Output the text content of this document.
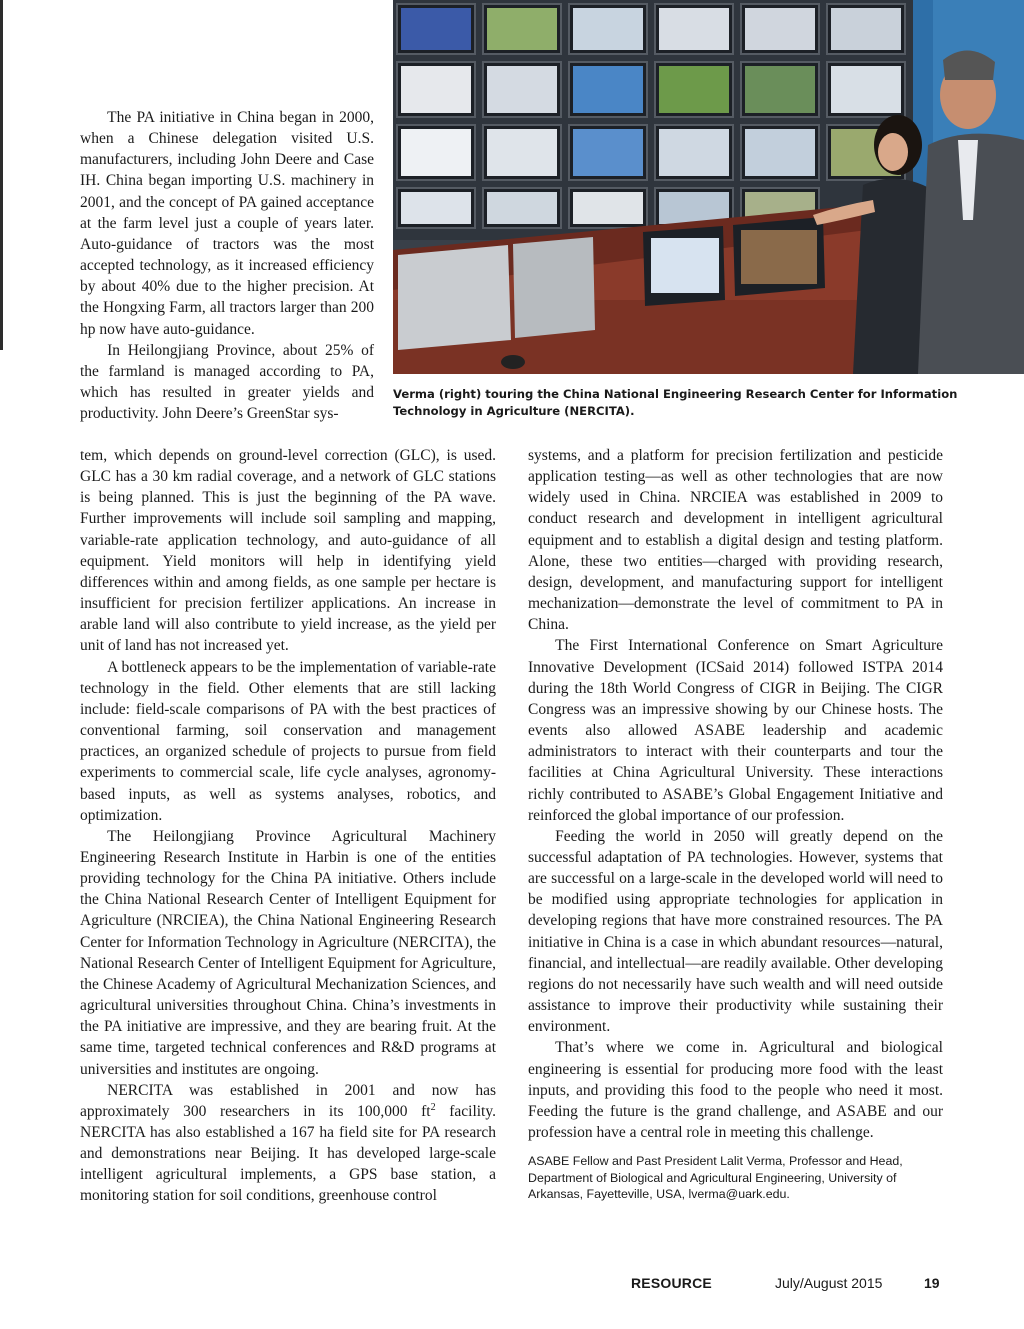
Verma (right) touring the China National Engineering Research Center for Information Technology in Agriculture (NERCITA).

The PA initiative in China began in 2000, when a Chinese delegation visited U.S. manufacturers, including John Deere and Case IH. China began importing U.S. machinery in 2001, and the concept of PA gained acceptance at the farm level just a couple of years later. Auto-guidance of tractors was the most accepted technology, as it increased efficiency by about 40% due to the higher precision. At the Hongxing Farm, all tractors larger than 200 hp now have auto-guidance.

In Heilongjiang Province, about 25% of the farmland is managed according to PA, which has resulted in greater yields and productivity. John Deere’s GreenStar sys-

tem, which depends on ground-level correction (GLC), is used. GLC has a 30 km radial coverage, and a network of GLC stations is being planned. This is just the beginning of the PA wave. Further improvements will include soil sampling and mapping, variable-rate application technology, and auto-guidance of all equipment. Yield monitors will help in identifying yield differences within and among fields, as one sample per hectare is insufficient for precision fertilizer applications. An increase in arable land will also contribute to yield increase, as the yield per unit of land has not increased yet.

A bottleneck appears to be the implementation of variable-rate technology in the field. Other elements that are still lacking include: field-scale comparisons of PA with the best practices of conventional farming, soil conservation and management practices, an organized schedule of projects to pursue from field experiments to commercial scale, life cycle analyses, agronomy-based inputs, as well as systems analyses, robotics, and optimization.

The Heilongjiang Province Agricultural Machinery Engineering Research Institute in Harbin is one of the entities providing technology for the China PA initiative. Others include the China National Research Center of Intelligent Equipment for Agriculture (NRCIEA), the China National Engineering Research Center for Information Technology in Agriculture (NERCITA), the National Research Center of Intelligent Equipment for Agriculture, the Chinese Academy of Agricultural Mechanization Sciences, and agricultural universities throughout China. China’s investments in the PA initiative are impressive, and they are bearing fruit. At the same time, targeted technical conferences and R&D programs at universities and institutes are ongoing.

NERCITA was established in 2001 and now has approximately 300 researchers in its 100,000 $ft^2$ facility. NERCITA has also established a 167 ha field site for PA research and demonstrations near Beijing. It has developed large-scale intelligent agricultural implements, a GPS base station, a monitoring station for soil conditions, greenhouse control

systems, and a platform for precision fertilization and pesticide application testing—as well as other technologies that are now widely used in China. NRCIEA was established in 2009 to conduct research and development in intelligent agricultural equipment and to establish a digital design and testing platform. Alone, these two entities—charged with providing research, design, development, and manufacturing support for intelligent mechanization—demonstrate the level of commitment to PA in China.

The First International Conference on Smart Agriculture Innovative Development (ICSaid 2014) followed ISTPA 2014 during the 18th World Congress of CIGR in Beijing. The CIGR Congress was an impressive showing by our Chinese hosts. The events also allowed ASABE leadership and academic administrators to interact with their counterparts and tour the facilities at China Agricultural University. These interactions richly contributed to ASABE’s Global Engagement Initiative and reinforced the global importance of our profession.

Feeding the world in 2050 will greatly depend on the successful adaptation of PA technologies. However, systems that are successful on a large-scale in the developed world will need to be modified using appropriate technologies for application in developing regions that have more constrained resources. The PA initiative in China is a case in which abundant resources—natural, financial, and intellectual—are readily available. Other developing regions do not necessarily have such wealth and will need outside assistance to improve their productivity while sustaining their environment.

That’s where we come in. Agricultural and biological engineering is essential for producing more food with the least inputs, and providing this food to the people who need it most. Feeding the future is the grand challenge, and ASABE and our profession have a central role in meeting this challenge.

ASABE Fellow and Past President Lalit Verma, Professor and Head, Department of Biological and Agricultural Engineering, University of Arkansas, Fayetteville, USA, lverma@uark.edu.
RESOURCE	July/August 2015	19
